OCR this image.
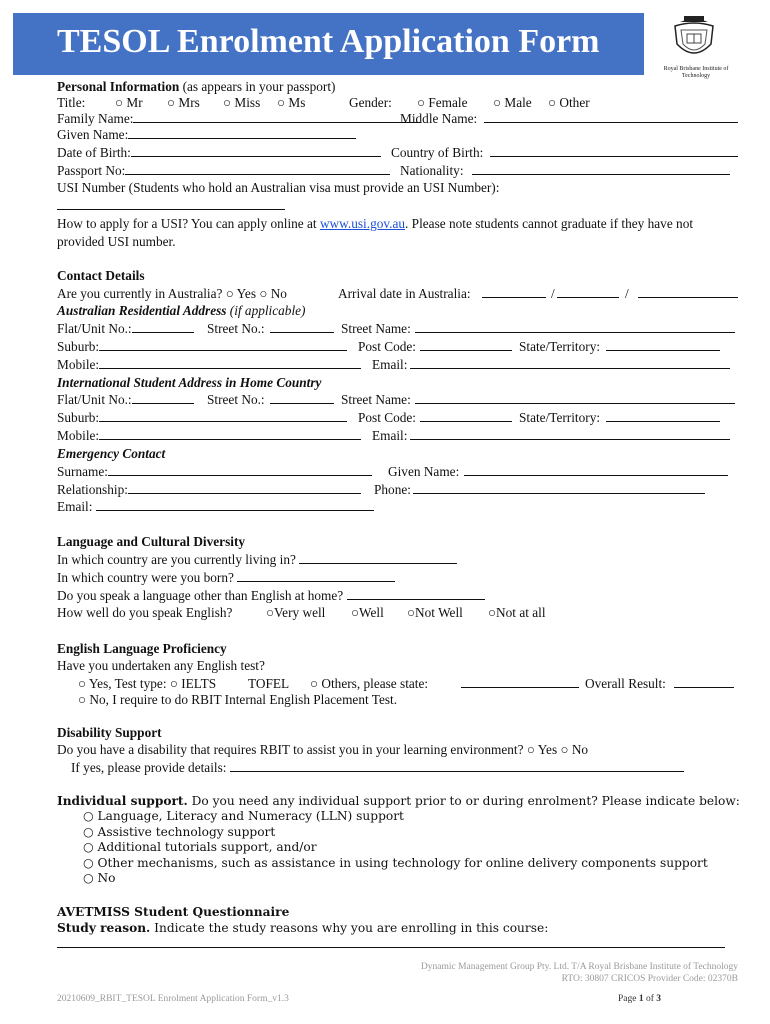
TESOL Enrolment Application Form
Royal Brisbane Institute of Technology
Personal Information (as appears in your passport)
Title: ○	Mr ○	Mrs ○	Miss ○	Ms	Gender: ○	Female ○	Male ○	Other
Family Name:	Middle Name:
Given Name:
Date of Birth:	Country of Birth:
Passport No:	Nationality:
USI Number (Students who hold an Australian visa must provide an USI Number):
How to apply for a USI? You can apply online at www.usi.gov.au. Please note students cannot graduate if they have not
provided USI number.
Contact Details
Are you currently in Australia? ○ Yes ○ No	Arrival date in Australia:	/	/
Australian Residential Address (if applicable)
Flat/Unit No.:	Street No.:	Street Name:
Suburb:	Post Code:	State/Territory:
Mobile:	Email:
International Student Address in Home Country
Flat/Unit No.:	Street No.:	Street Name:
Suburb:	Post Code:	State/Territory:
Mobile:	Email:
Emergency Contact
Surname:	Given Name:
Relationship:	Phone:
Email:
Language and Cultural Diversity
In which country are you currently living in?
In which country were you born?
Do you speak a language other than English at home?
How well do you speak English? ○	Very well ○	Well ○	Not Well ○	Not at all
English Language Proficiency
Have you undertaken any English test?
○ Yes, Test type: ○ IELTS TOFEL ○	Others, please state:	Overall Result:
○ No, I require to do RBIT Internal English Placement Test.
Disability Support
Do you have a disability that requires RBIT to assist you in your learning environment? ○ Yes ○ No
If yes, please provide details:
Individual support. Do you need any individual support prior to or during enrolment? Please indicate below:
○ Language, Literacy and Numeracy (LLN) support
○ Assistive technology support
○ Additional tutorials support, and/or
○ Other mechanisms, such as assistance in using technology for online delivery components support
○ No
AVETMISS Student Questionnaire
Study reason. Indicate the study reasons why you are enrolling in this course:
Dynamic Management Group Pty. Ltd. T/A Royal Brisbane Institute of Technology
RTO: 30807 CRICOS Provider Code: 02370B
20210609_RBIT_TESOL Enrolment Application Form_v1.3	Page 1 of 3
